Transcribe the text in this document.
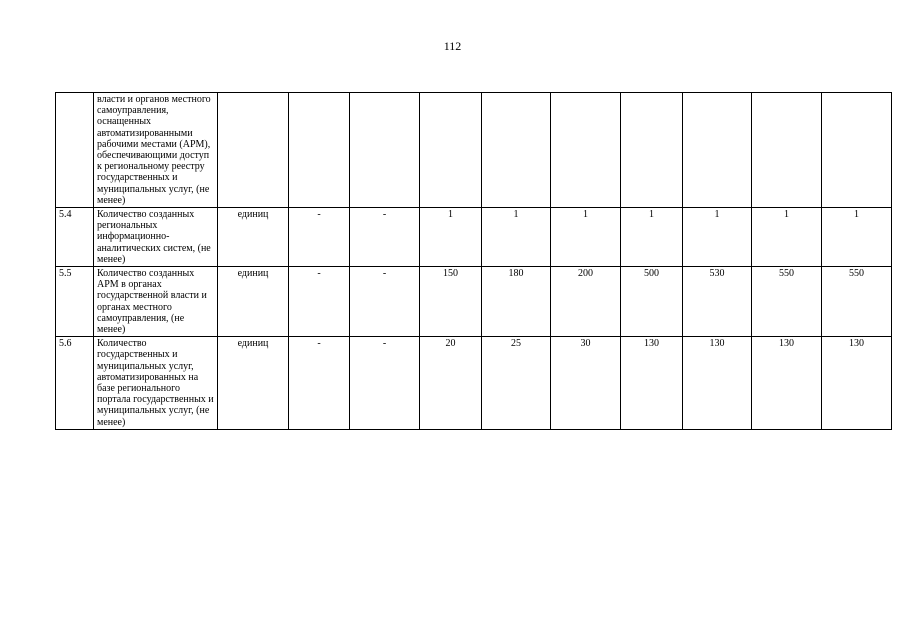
112
	власти и органов местного самоуправления, оснащенных автоматизированными рабочими местами (АРМ), обеспечивающими доступ к региональному реестру государственных и муниципальных услуг, (не менее)										
5.4	Количество созданных региональных информационно-аналитических систем, (не менее)	единиц	-	-	1	1	1	1	1	1	1
5.5	Количество созданных АРМ в органах государственной власти и органах местного самоуправления, (не менее)	единиц	-	-	150	180	200	500	530	550	550
5.6	Количество государственных и муниципальных услуг, автоматизированных на базе регионального портала государственных и муниципальных услуг, (не менее)	единиц	-	-	20	25	30	130	130	130	130
